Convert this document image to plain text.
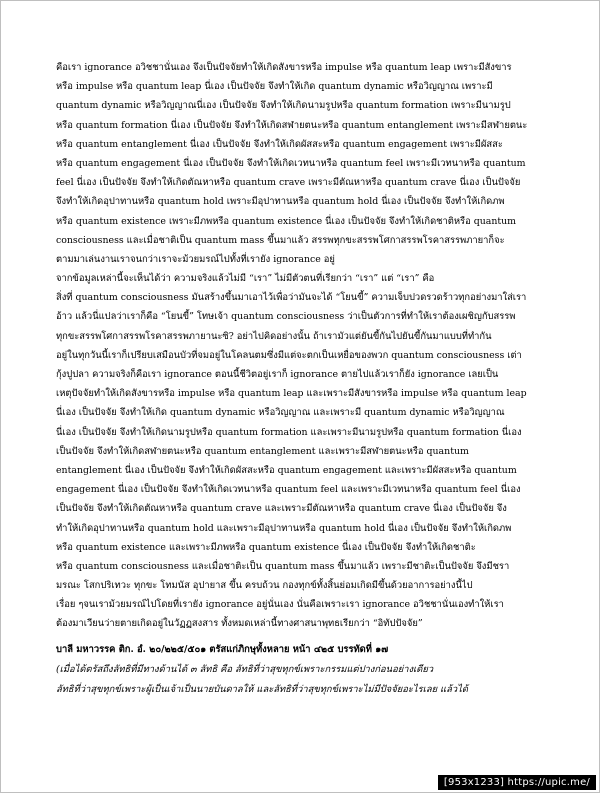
คือเรา ignorance อวิชชานั่นเอง จึงเป็นปัจจัยทำให้เกิดสังขารหรือ impulse หรือ quantum leap เพราะมีสังขาร
หรือ impulse หรือ quantum leap นี่เอง เป็นปัจจัย จึงทำให้เกิด quantum dynamic หรือวิญญาณ เพราะมี
quantum dynamic หรือวิญญาณนี่เอง เป็นปัจจัย จึงทำให้เกิดนามรูปหรือ quantum formation เพราะมีนามรูป
หรือ quantum formation นี่เอง เป็นปัจจัย จึงทำให้เกิดสฬายตนะหรือ quantum entanglement เพราะมีสฬายตนะ
หรือ quantum entanglement นี่เอง เป็นปัจจัย จึงทำให้เกิดผัสสะหรือ quantum engagement เพราะมีผัสสะ
หรือ quantum engagement นี่เอง เป็นปัจจัย จึงทำให้เกิดเวทนาหรือ quantum feel เพราะมีเวทนาหรือ quantum
feel นี่เอง เป็นปัจจัย จึงทำให้เกิดตัณหาหรือ quantum crave เพราะมีตัณหาหรือ quantum crave นี่เอง เป็นปัจจัย
จึงทำให้เกิดอุปาทานหรือ quantum hold เพราะมีอุปาทานหรือ quantum hold นี่เอง เป็นปัจจัย จึงทำให้เกิดภพ
หรือ quantum existence เพราะมีภพหรือ quantum existence นี่เอง เป็นปัจจัย จึงทำให้เกิดชาติหรือ quantum
consciousness และเมื่อชาติเป็น quantum mass ขึ้นมาแล้ว สรรพทุกขะสรรพโศกาสรรพโรคาสรรพภายาก็จะ
ตามมาเล่นงานเราจนกว่าเราจะม้วยมรณ์ไปทั้งที่เรายัง ignorance อยู่
จากข้อมูลเหล่านี้จะเห็นได้ว่า ความจริงแล้วไม่มี “เรา” ไม่มีตัวตนที่เรียกว่า “เรา” แต่ “เรา” คือ
สิ่งที่ quantum consciousness มันสร้างขึ้นมาเอาไว้เพื่อว่ามันจะได้ “โยนขี้” ความเจ็บปวดรวดร้าวทุกอย่างมาใส่เรา
อ้าว แล้วนี่แปลว่าเราก็คือ “โยนขี้” โทษเจ้า quantum consciousness ว่าเป็นตัวการที่ทำให้เราต้องเผชิญกับสรรพ
ทุกขะสรรพโศกาสรรพโรคาสรรพภายานะซิ? อย่าไปคิดอย่างนั้น ถ้าเรามัวแต่ยันขี้กันไปยันขี้กันมาแบบที่ทำกัน
อยู่ในทุกวันนี้เราก็เปรียบเสมือนบัวที่จมอยู่ในโคลนตมซึ่งมีแต่จะตกเป็นเหยื่อของพวก quantum consciousness เต่า
กุ้งปูปลา ความจริงก็คือเรา ignorance ตอนนี้ชีวิตอยู่เราก็ ignorance ตายไปแล้วเราก็ยัง ignorance เลยเป็น
เหตุปัจจัยทำให้เกิดสังขารหรือ impulse หรือ quantum leap และเพราะมีสังขารหรือ impulse หรือ quantum leap
นี่เอง เป็นปัจจัย จึงทำให้เกิด quantum dynamic หรือวิญญาณ และเพราะมี quantum dynamic หรือวิญญาณ
นี่เอง เป็นปัจจัย จึงทำให้เกิดนามรูปหรือ quantum formation และเพราะมีนามรูปหรือ quantum formation นี่เอง
เป็นปัจจัย จึงทำให้เกิดสฬายตนะหรือ quantum entanglement และเพราะมีสฬายตนะหรือ quantum
entanglement นี่เอง เป็นปัจจัย จึงทำให้เกิดผัสสะหรือ quantum engagement และเพราะมีผัสสะหรือ quantum
engagement นี่เอง เป็นปัจจัย จึงทำให้เกิดเวทนาหรือ quantum feel และเพราะมีเวทนาหรือ quantum feel นี่เอง
เป็นปัจจัย จึงทำให้เกิดตัณหาหรือ quantum crave และเพราะมีตัณหาหรือ quantum crave นี่เอง เป็นปัจจัย จึง
ทำให้เกิดอุปาทานหรือ quantum hold และเพราะมีอุปาทานหรือ quantum hold นี่เอง เป็นปัจจัย จึงทำให้เกิดภพ
หรือ quantum existence และเพราะมีภพหรือ quantum existence นี่เอง เป็นปัจจัย จึงทำให้เกิดชาติะ
หรือ quantum consciousness และเมื่อชาติะเป็น quantum mass ขึ้นมาแล้ว เพราะมีชาติะเป็นปัจจัย จึงมีชรา
มรณะ โสกปริเทวะ ทุกขะ โทมนัส อุปายาส ขึ้น ครบถ้วน กองทุกข์ทั้งสิ้นย่อมเกิดมีขึ้นด้วยอาการอย่างนี้ไป
เรื่อย ๆจนเราม้วยมรณ์ไปโดยที่เรายัง ignorance อยู่นั่นเอง นั่นคือเพราะเรา ignorance อวิชชานั่นเองทำให้เรา
ต้องมาเวียนว่ายตายเกิดอยู่ในวัฏฏสงสาร ทั้งหมดเหล่านี้ทางศาสนาพุทธเรียกว่า “อิทัปปัจจัย”
บาลี มหาวรรค ติก. อํ. ๒๐/๒๒๕/๕๐๑ ตรัสแก่ภิกษุทั้งหลาย หน้า ๔๒๕ บรรทัดที่ ๑๗
(เมื่อได้ตรัสถึงลัทธิที่มีทางด้านได้ ๓ ลัทธิ คือ ลัทธิที่ว่าสุขทุกข์เพราะกรรมแต่ปางก่อนอย่างเดียว
ลัทธิที่ว่าสุขทุกข์เพราะผู้เป็นเจ้าเป็นนายบันดาลให้ และลัทธิที่ว่าสุขทุกข์เพราะไม่มีปัจจัยอะไรเลย แล้วได้
[953x1233] https://upic.me/
